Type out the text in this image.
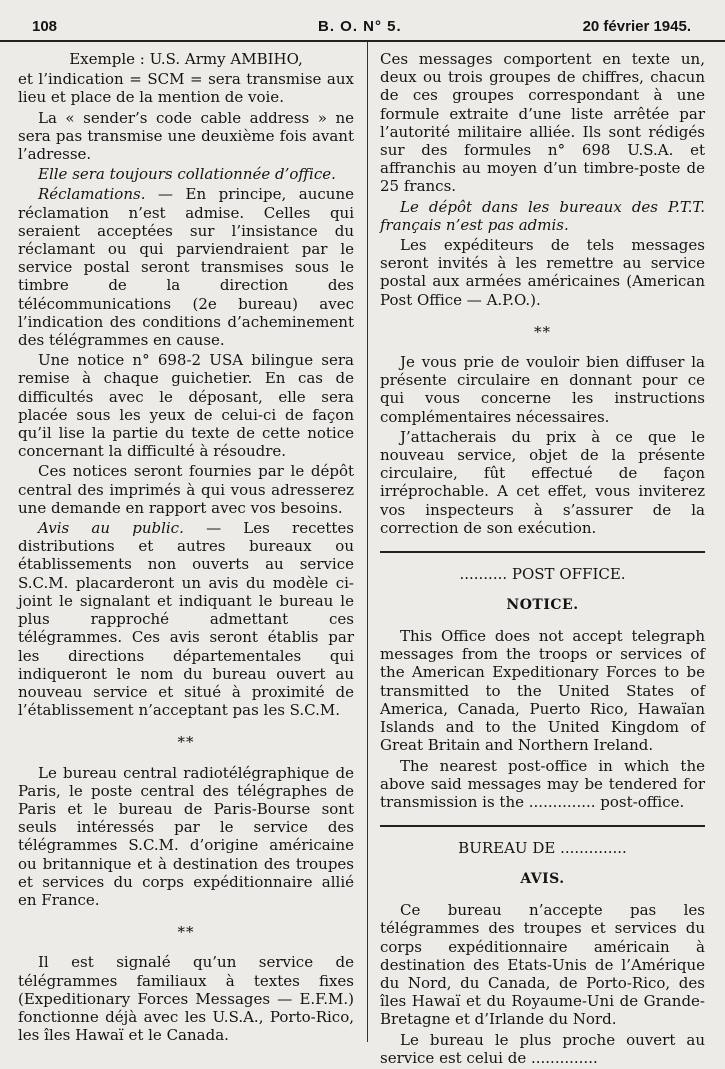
108	B. O. N° 5.	20 février 1945.

Exemple : U.S. Army AMBIHO,

et l’indication = SCM = sera transmise aux lieu et place de la mention de voie.

La « sender’s code cable address » ne sera pas transmise une deuxième fois avant l’adresse.

Elle sera toujours collationnée d’office.

Réclamations. — En principe, aucune réclamation n’est admise. Celles qui seraient acceptées sur l’insistance du réclamant ou qui parviendraient par le service postal seront transmises sous le timbre de la direction des télécommunications (2e bureau) avec l’indication des conditions d’acheminement des télégrammes en cause.

Une notice n° 698-2 USA bilingue sera remise à chaque guichetier. En cas de difficultés avec le déposant, elle sera placée sous les yeux de celui-ci de façon qu’il lise la partie du texte de cette notice concernant la difficulté à résoudre.

Ces notices seront fournies par le dépôt central des imprimés à qui vous adresserez une demande en rapport avec vos besoins.

Avis au public. — Les recettes distributions et autres bureaux ou établissements non ouverts au service S.C.M. placarderont un avis du modèle ci-joint le signalant et indiquant le bureau le plus rapproché admettant ces télégrammes. Ces avis seront établis par les directions départementales qui indiqueront le nom du bureau ouvert au nouveau service et situé à proximité de l’établissement n’acceptant pas les S.C.M.

**

Le bureau central radiotélégraphique de Paris, le poste central des télégraphes de Paris et le bureau de Paris-Bourse sont seuls intéressés par le service des télégrammes S.C.M. d’origine américaine ou britannique et à destination des troupes et services du corps expéditionnaire allié en France.

**

Il est signalé qu’un service de télégrammes familiaux à textes fixes (Expeditionary Forces Messages — E.F.M.) fonctionne déjà avec les U.S.A., Porto-Rico, les îles Hawaï et le Canada.

Ces messages comportent en texte un, deux ou trois groupes de chiffres, chacun de ces groupes correspondant à une formule extraite d’une liste arrêtée par l’autorité militaire alliée. Ils sont rédigés sur des formules n° 698 U.S.A. et affranchis au moyen d’un timbre-poste de 25 francs.

Le dépôt dans les bureaux des P.T.T. français n’est pas admis.

Les expéditeurs de tels messages seront invités à les remettre au service postal aux armées américaines (American Post Office — A.P.O.).

**

Je vous prie de vouloir bien diffuser la présente circulaire en donnant pour ce qui vous concerne les instructions complémentaires nécessaires.

J’attacherais du prix à ce que le nouveau service, objet de la présente circulaire, fût effectué de façon irréprochable. A cet effet, vous inviterez vos inspecteurs à s’assurer de la correction de son exécution.

.......... POST OFFICE.
NOTICE.

This Office does not accept telegraph messages from the troops or services of the American Expeditionary Forces to be transmitted to the United States of America, Canada, Puerto Rico, Hawaïan Islands and to the United Kingdom of Great Britain and Northern Ireland.

The nearest post-office in which the above said messages may be tendered for transmission is the .............. post-office.

BUREAU DE ..............
AVIS.

Ce bureau n’accepte pas les télégrammes des troupes et services du corps expéditionnaire américain à destination des Etats-Unis de l’Amérique du Nord, du Canada, de Porto-Rico, des îles Hawaï et du Royaume-Uni de Grande-Bretagne et d’Irlande du Nord.

Le bureau le plus proche ouvert au service est celui de ..............
